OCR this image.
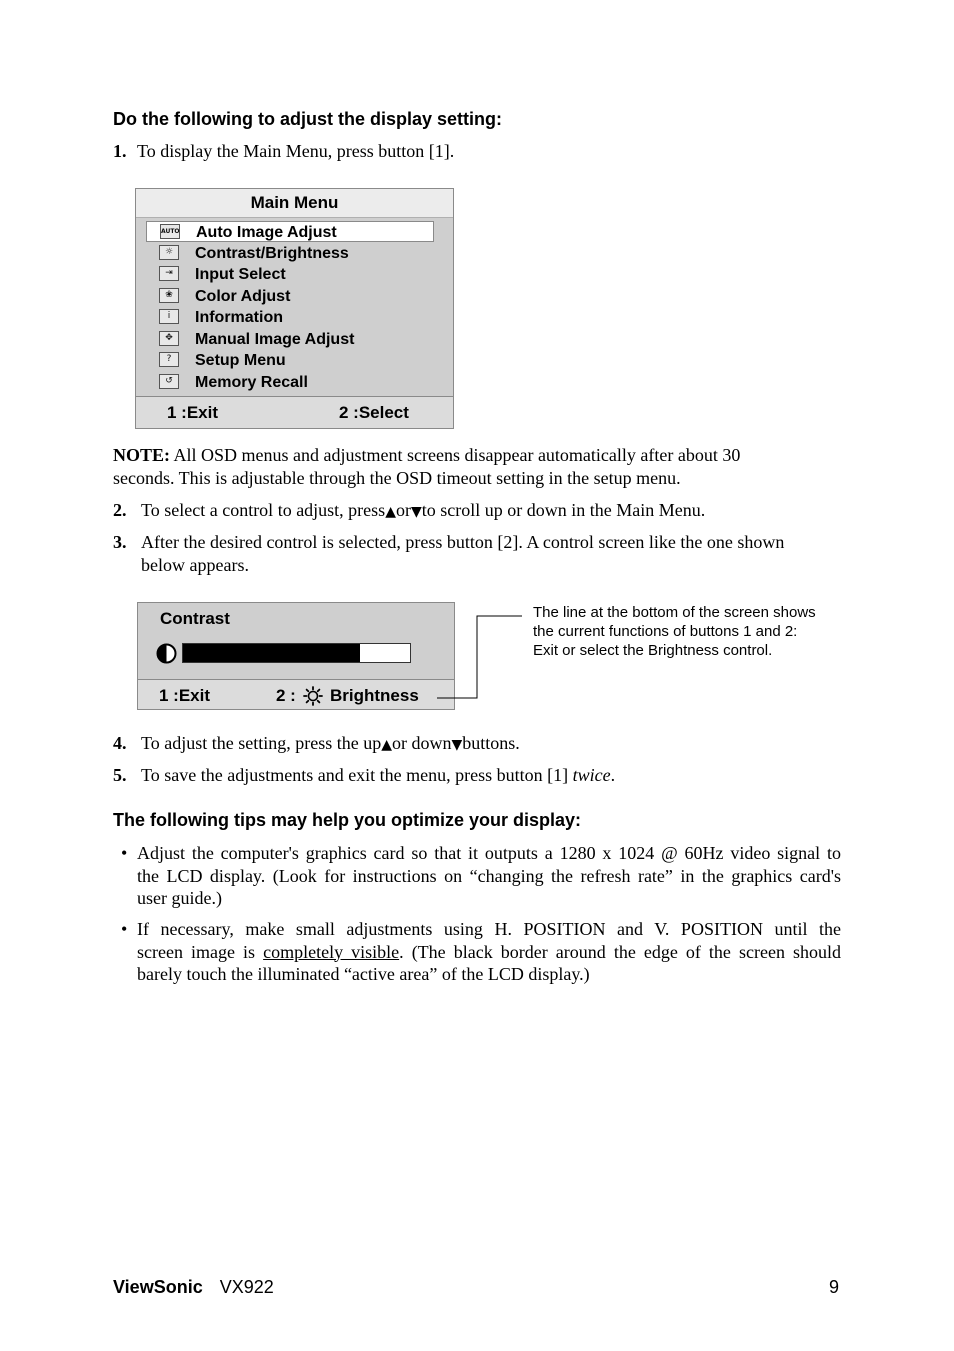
Do the following to adjust the display setting:
1. To display the Main Menu, press button [1].
Main Menu
AUTO Auto Image Adjust
☼	Contrast/Brightness
⇥	Input Select
❀	Color Adjust
i	Information
✥	Manual Image Adjust
?	Setup Menu
↺	Memory Recall
1 :Exit	2 :Select
NOTE: All OSD menus and adjustment screens disappear automatically after about 30
seconds. This is adjustable through the OSD timeout setting in the setup menu.
2. To select a control to adjust, press▲or▼to scroll up or down in the Main Menu.
3. After the desired control is selected, press button [2]. A control screen like the one shown
below appears.
Contrast
1 :Exit	2 : Brightness
The line at the bottom of the screen shows
the current functions of buttons 1 and 2:
Exit or select the Brightness control.
4. To adjust the setting, press the up▲or down▼buttons.
5. To save the adjustments and exit the menu, press button [1] twice.
The following tips may help you optimize your display:
• Adjust the computer's graphics card so that it outputs a 1280 x 1024 @ 60Hz video signal to
the LCD display. (Look for instructions on “changing the refresh rate” in the graphics card's
user guide.)
• If necessary, make small adjustments using H. POSITION and V. POSITION until the
screen image is completely visible. (The black border around the edge of the screen should
barely touch the illuminated “active area” of the LCD display.)
ViewSonic VX922	9
